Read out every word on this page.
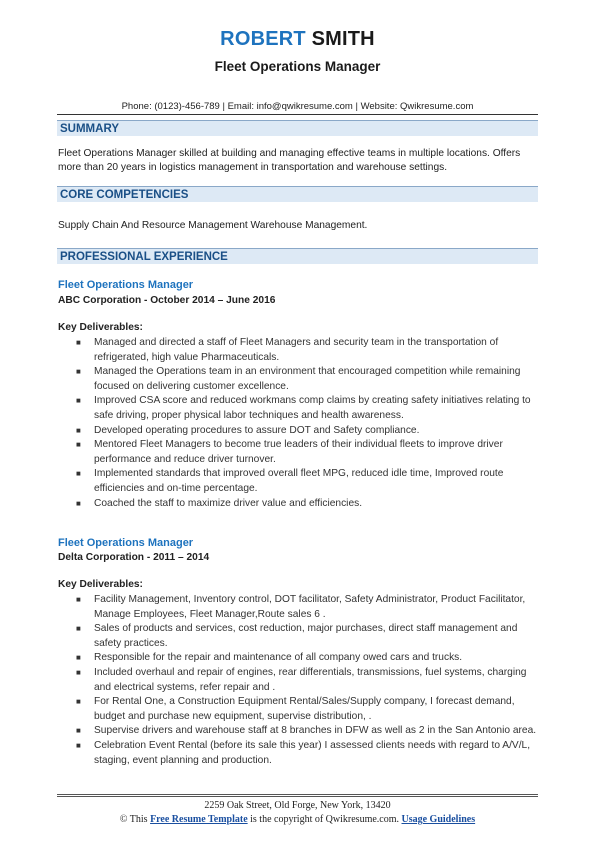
ROBERT SMITH
Fleet Operations Manager
Phone: (0123)-456-789 | Email: info@qwikresume.com | Website: Qwikresume.com
SUMMARY
Fleet Operations Manager skilled at building and managing effective teams in multiple locations. Offers more than 20 years in logistics management in transportation and warehouse settings.
CORE COMPETENCIES
Supply Chain And Resource Management Warehouse Management.
PROFESSIONAL EXPERIENCE
Fleet Operations Manager
ABC Corporation - October 2014 – June 2016
Key Deliverables:
■ Managed and directed a staff of Fleet Managers and security team in the transportation of refrigerated, high value Pharmaceuticals.
■ Managed the Operations team in an environment that encouraged competition while remaining focused on delivering customer excellence.
■ Improved CSA score and reduced workmans comp claims by creating safety initiatives relating to safe driving, proper physical labor techniques and health awareness.
■ Developed operating procedures to assure DOT and Safety compliance.
■ Mentored Fleet Managers to become true leaders of their individual fleets to improve driver performance and reduce driver turnover.
■ Implemented standards that improved overall fleet MPG, reduced idle time, Improved route efficiencies and on-time percentage.
■ Coached the staff to maximize driver value and efficiencies.
Fleet Operations Manager
Delta Corporation - 2011 – 2014
Key Deliverables:
■ Facility Management, Inventory control, DOT facilitator, Safety Administrator, Product Facilitator, Manage Employees, Fleet Manager,Route sales 6 .
■ Sales of products and services, cost reduction, major purchases, direct staff management and safety practices.
■ Responsible for the repair and maintenance of all company owed cars and trucks.
■ Included overhaul and repair of engines, rear differentials, transmissions, fuel systems, charging and electrical systems, refer repair and .
■ For Rental One, a Construction Equipment Rental/Sales/Supply company, I forecast demand, budget and purchase new equipment, supervise distribution, .
■ Supervise drivers and warehouse staff at 8 branches in DFW as well as 2 in the San Antonio area.
■ Celebration Event Rental (before its sale this year) I assessed clients needs with regard to A/V/L, staging, event planning and production.
2259 Oak Street, Old Forge, New York, 13420
© This Free Resume Template is the copyright of Qwikresume.com. Usage Guidelines
